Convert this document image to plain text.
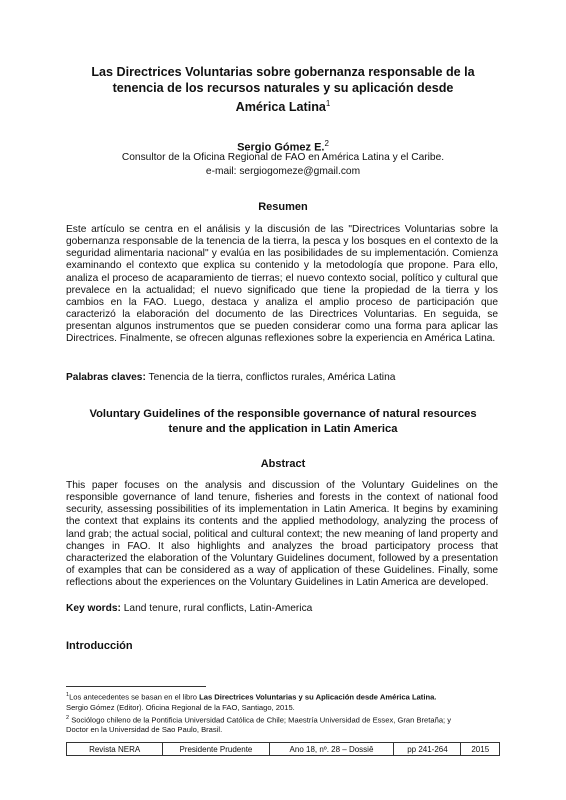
Las Directrices Voluntarias sobre gobernanza responsable de la
tenencia de los recursos naturales y su aplicación desde
América Latina$^1$
Sergio Gómez E.$^2$
Consultor de la Oficina Regional de FAO en América Latina y el Caribe.
e-mail: sergiogomeze@gmail.com
Resumen

Este artículo se centra en el análisis y la discusión de las "Directrices Voluntarias sobre la gobernanza responsable de la tenencia de la tierra, la pesca y los bosques en el contexto de la seguridad alimentaria nacional" y evalúa en las posibilidades de su implementación. Comienza examinando el contexto que explica su contenido y la metodología que propone. Para ello, analiza el proceso de acaparamiento de tierras; el nuevo contexto social, político y cultural que prevalece en la actualidad; el nuevo significado que tiene la propiedad de la tierra y los cambios en la FAO. Luego, destaca y analiza el amplio proceso de participación que caracterizó la elaboración del documento de las Directrices Voluntarias. En seguida, se presentan algunos instrumentos que se pueden considerar como una forma para aplicar las Directrices. Finalmente, se ofrecen algunas reflexiones sobre la experiencia en América Latina.

Palabras claves: Tenencia de la tierra, conflictos rurales, América Latina
Voluntary Guidelines of the responsible governance of natural resources
tenure and the application in Latin America
Abstract

This paper focuses on the analysis and discussion of the Voluntary Guidelines on the responsible governance of land tenure, fisheries and forests in the context of national food security, assessing possibilities of its implementation in Latin America. It begins by examining the context that explains its contents and the applied methodology, analyzing the process of land grab; the actual social, political and cultural context; the new meaning of land property and changes in FAO. It also highlights and analyzes the broad participatory process that characterized the elaboration of the Voluntary Guidelines document, followed by a presentation of examples that can be considered as a way of application of these Guidelines. Finally, some reflections about the experiences on the Voluntary Guidelines in Latin America are developed.

Key words: Land tenure, rural conflicts, Latin-America
Introducción
$^1$Los antecedentes se basan en el libro Las Directrices Voluntarias y su Aplicación desde América Latina.
Sergio Gómez (Editor). Oficina Regional de la FAO, Santiago, 2015.
$^2$ Sociólogo chileno de la Pontificia Universidad Católica de Chile; Maestría Universidad de Essex, Gran Bretaña; y
Doctor en la Universidad de Sao Paulo, Brasil.
Revista NERA	Presidente Prudente	Ano 18, nº. 28 – Dossiê	pp 241-264	2015
